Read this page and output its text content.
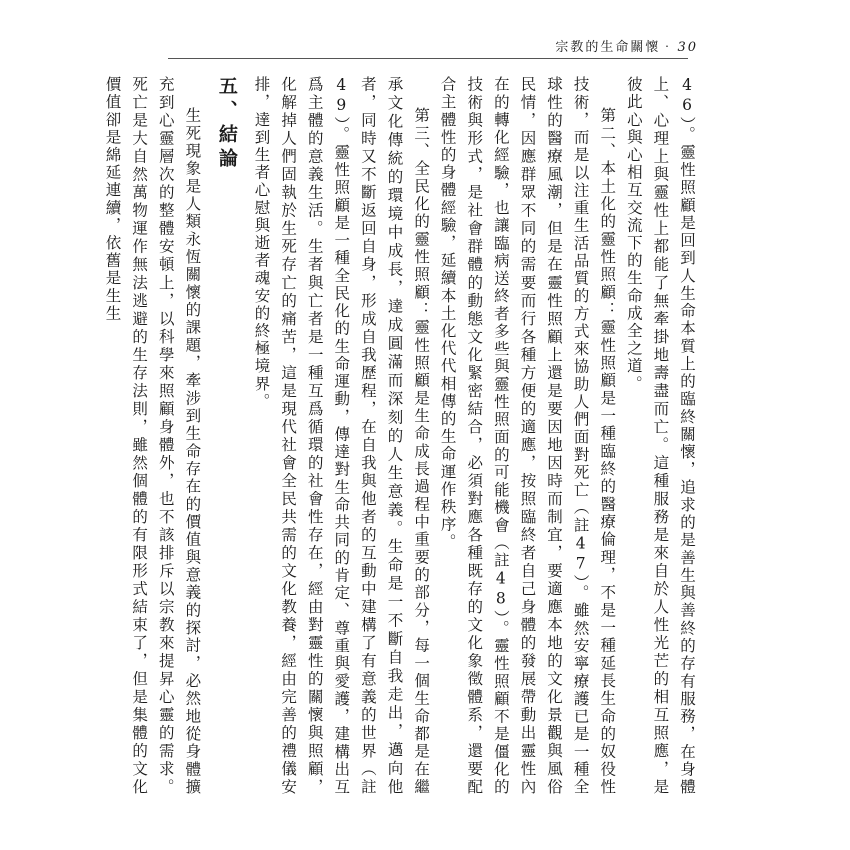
宗教的生命關懷‧ 30

46）。靈性照顧是回到人生命本質上的臨終關懷，追求的是善生與善終的存有服務，在身體上、心理上與靈性上都能了無牽掛地壽盡而亡。這種服務是來自於人性光芒的相互照應，是彼此心與心相互交流下的生命成全之道。

第二、本土化的靈性照顧：靈性照顧是一種臨終的醫療倫理，不是一種延長生命的奴役性技術，而是以注重生活品質的方式來協助人們面對死亡（註47）。雖然安寧療護已是一種全球性的醫療風潮，但是在靈性照顧上還是要因地因時而制宜，要適應本地的文化景觀與風俗民情，因應群眾不同的需要而行各種方便的適應，按照臨終者自己身體的發展帶動出靈性內在的轉化經驗，也讓臨病送終者多些與靈性照面的可能機會（註48）。靈性照顧不是僵化的技術與形式，是社會群體的動態文化緊密結合，必須對應各種既存的文化象徵體系，還要配合主體性的身體經驗，延續本土化代代相傳的生命運作秩序。

第三、全民化的靈性照顧：靈性照顧是生命成長過程中重要的部分，每一個生命都是在繼承文化傳統的環境中成長，達成圓滿而深刻的人生意義。生命是一不斷自我走出，邁向他者，同時又不斷返回自身，形成自我歷程，在自我與他者的互動中建構了有意義的世界（註49）。靈性照顧是一種全民化的生命運動，傳達對生命共同的肯定、尊重與愛護，建構出互爲主體的意義生活。生者與亡者是一種互爲循環的社會性存在，經由對靈性的關懷與照顧，化解掉人們固執於生死存亡的痛苦，這是現代社會全民共需的文化教養，經由完善的禮儀安排，達到生者心慰與逝者魂安的終極境界。

五、結論

生死現象是人類永恆關懷的課題，牽涉到生命存在的價值與意義的探討，必然地從身體擴充到心靈層次的整體安頓上，以科學來照顧身體外，也不該排斥以宗教來提昇心靈的需求。死亡是大自然萬物運作無法逃避的生存法則，雖然個體的有限形式結束了，但是集體的文化價值卻是綿延連續，依舊是生生
